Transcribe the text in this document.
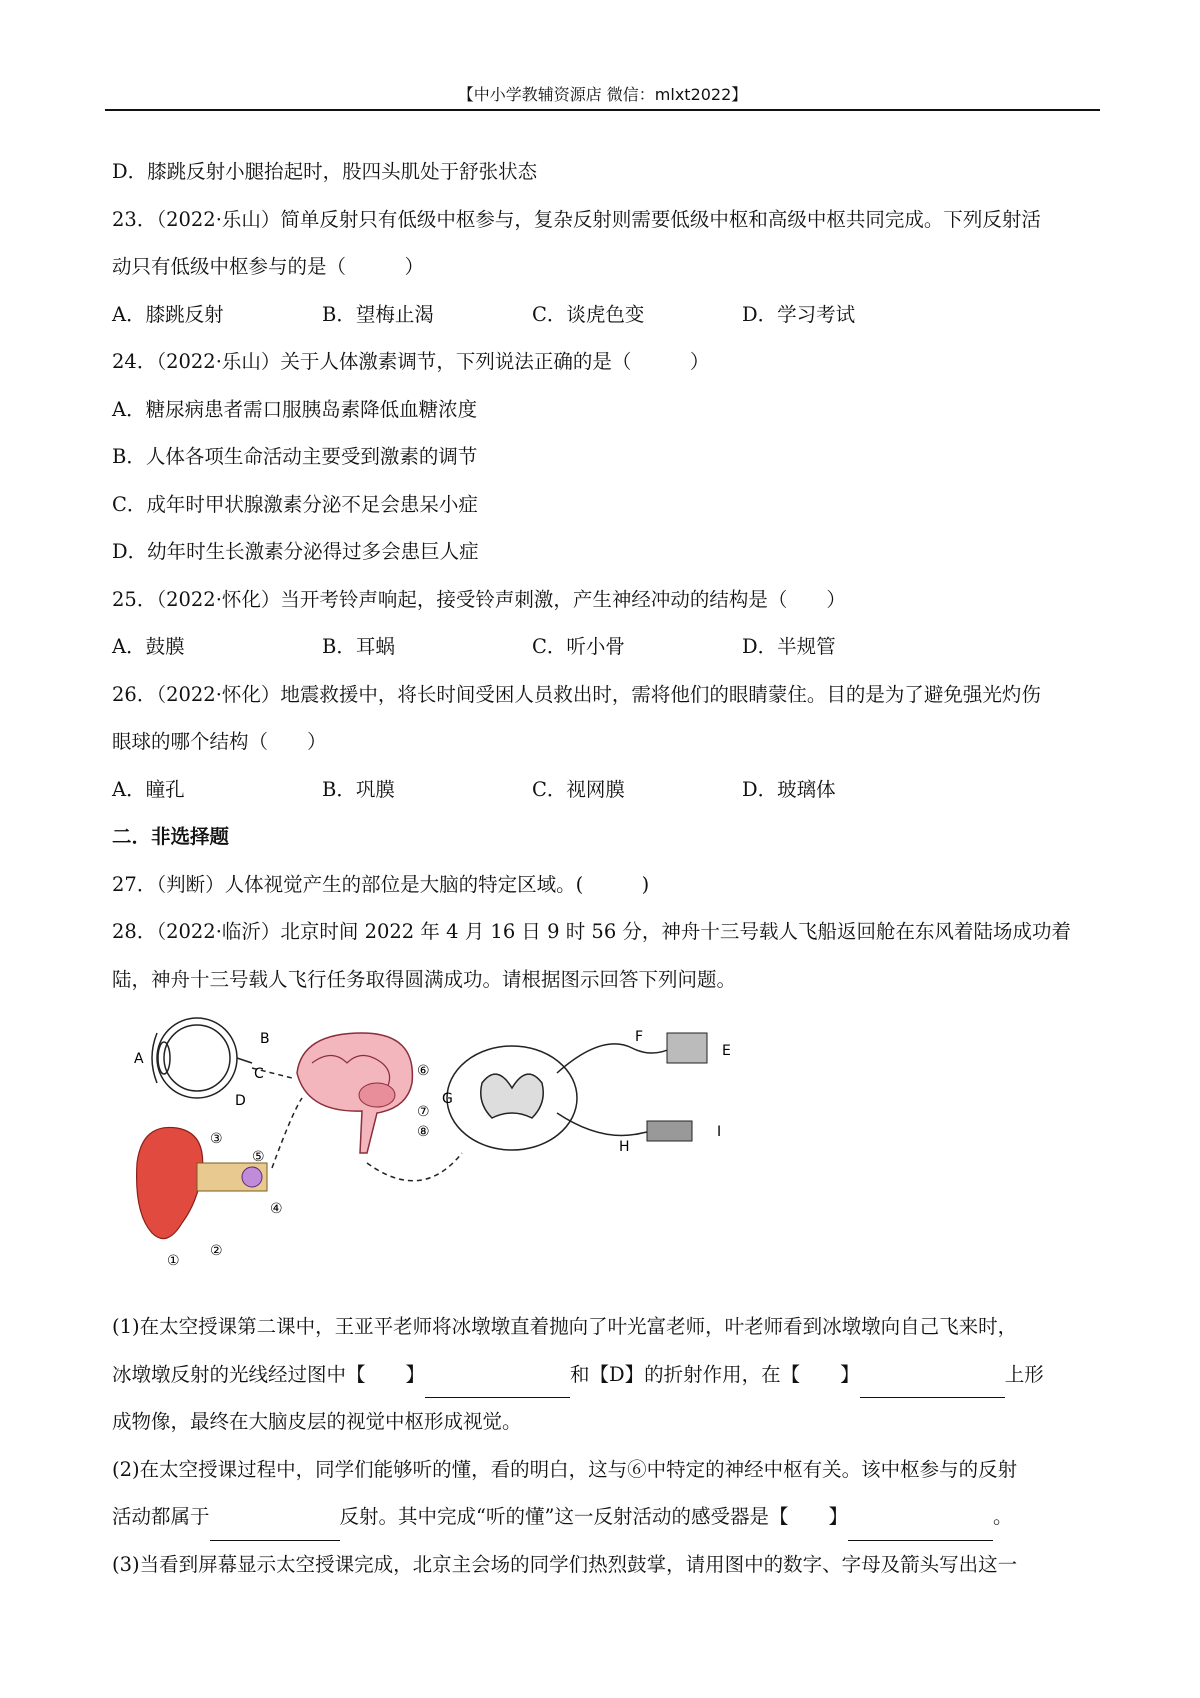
【中小学教辅资源店 微信：mlxt2022】
D．膝跳反射小腿抬起时，股四头肌处于舒张状态
23．（2022·乐山）简单反射只有低级中枢参与，复杂反射则需要低级中枢和高级中枢共同完成。下列反射活
动只有低级中枢参与的是（　　　）
A．膝跳反射	B．望梅止渴	C．谈虎色变	D．学习考试
24．（2022·乐山）关于人体激素调节，下列说法正确的是（　　　）
A．糖尿病患者需口服胰岛素降低血糖浓度
B．人体各项生命活动主要受到激素的调节
C．成年时甲状腺激素分泌不足会患呆小症
D．幼年时生长激素分泌得过多会患巨人症
25．（2022·怀化）当开考铃声响起，接受铃声刺激，产生神经冲动的结构是（　　）
A．鼓膜	B．耳蜗	C．听小骨	D．半规管
26．（2022·怀化）地震救援中，将长时间受困人员救出时，需将他们的眼睛蒙住。目的是为了避免强光灼伤
眼球的哪个结构（　　）
A．瞳孔	B．巩膜	C．视网膜	D．玻璃体
二．非选择题
27．（判断）人体视觉产生的部位是大脑的特定区域。(　　　)
28．（2022·临沂）北京时间 2022 年 4 月 16 日 9 时 56 分，神舟十三号载人飞船返回舱在东风着陆场成功着
陆，神舟十三号载人飞行任务取得圆满成功。请根据图示回答下列问题。
A
B
C
D
E
F
G
H
I
①
②
③
④
⑤
⑥
⑦
⑧
(1)在太空授课第二课中，王亚平老师将冰墩墩直着抛向了叶光富老师，叶老师看到冰墩墩向自己飞来时，
冰墩墩反射的光线经过图中【 】	和【D】的折射作用，在【 】	上形
成物像，最终在大脑皮层的视觉中枢形成视觉。
(2)在太空授课过程中，同学们能够听的懂，看的明白，这与⑥中特定的神经中枢有关。该中枢参与的反射
活动都属于	反射。其中完成“听的懂”这一反射活动的感受器是【 】	。
(3)当看到屏幕显示太空授课完成，北京主会场的同学们热烈鼓掌，请用图中的数字、字母及箭头写出这一
